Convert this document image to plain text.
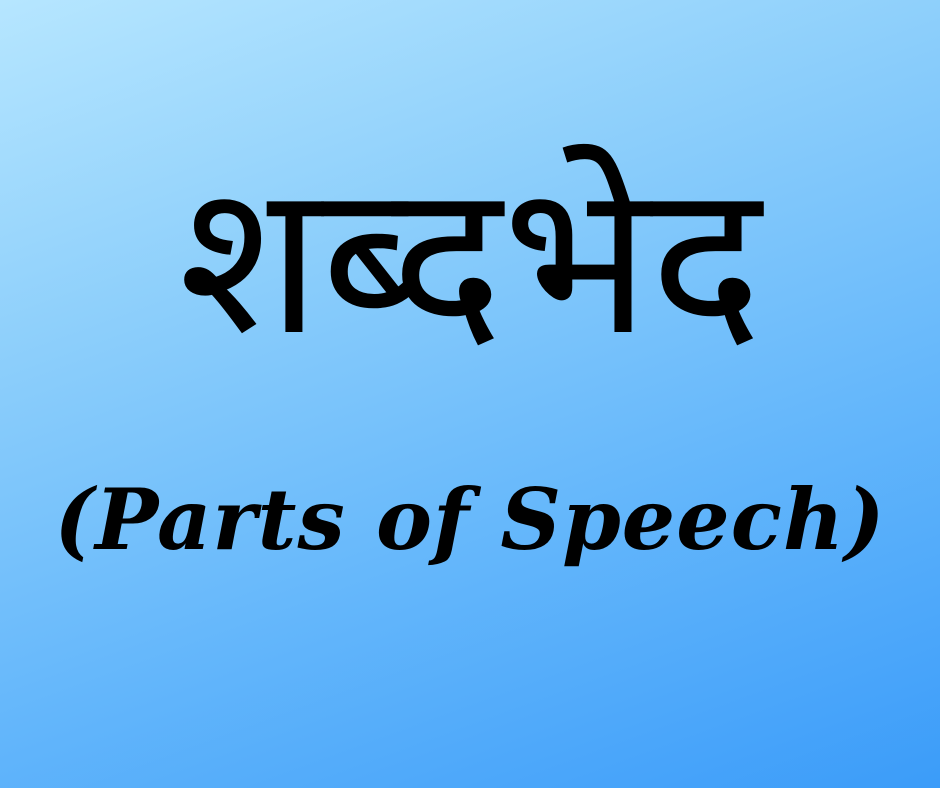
शब्दभेद
(Parts of Speech)
